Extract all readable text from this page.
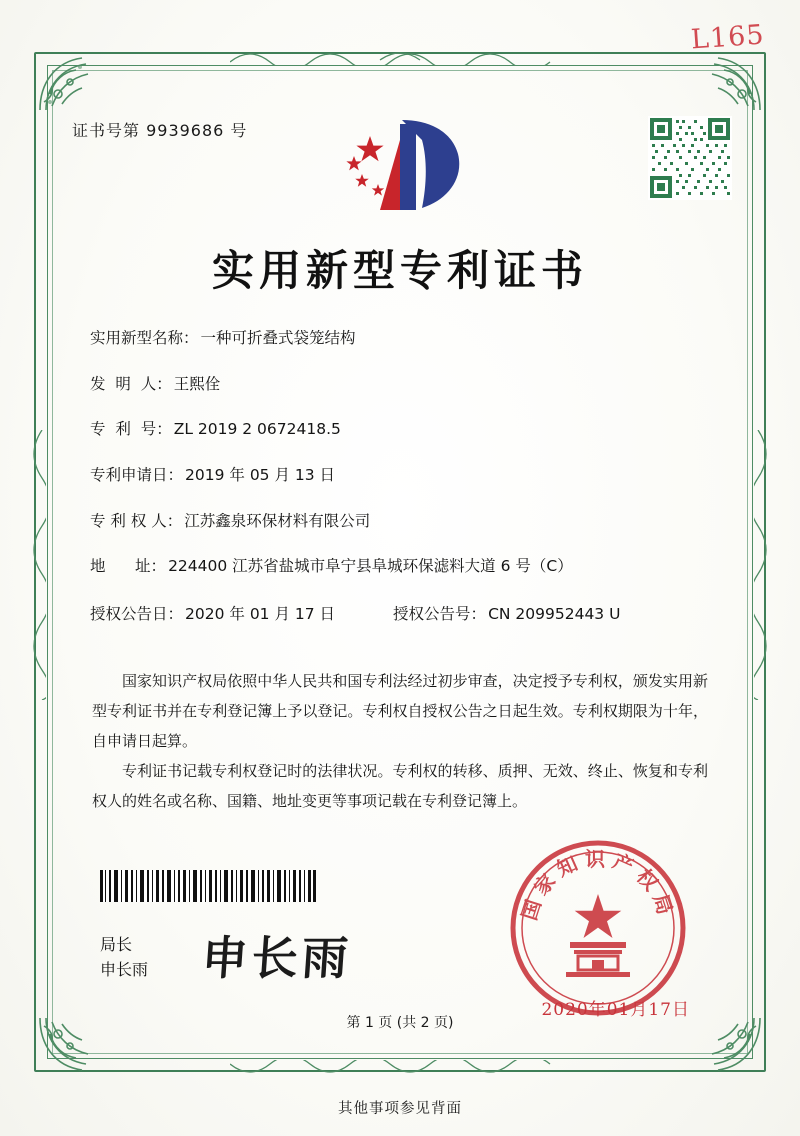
L165
证书号第 9939686 号
实用新型专利证书
实用新型名称： 一种可折叠式袋笼结构
发  明  人： 王熙佺
专  利  号： ZL 2019 2 0672418.5
专利申请日： 2019 年 05 月 13 日
专 利 权 人： 江苏鑫泉环保材料有限公司
地      址： 224400 江苏省盐城市阜宁县阜城环保滤料大道 6 号（C）
授权公告日： 2020 年 01 月 17 日	授权公告号： CN 209952443 U
国家知识产权局依照中华人民共和国专利法经过初步审查，决定授予专利权，颁发实用新型专利证书并在专利登记簿上予以登记。专利权自授权公告之日起生效。专利权期限为十年，自申请日起算。
专利证书记载专利权登记时的法律状况。专利权的转移、质押、无效、终止、恢复和专利权人的姓名或名称、国籍、地址变更等事项记载在专利登记簿上。
国家知识产权局
2020年01月17日
局长
申长雨 申长雨
第 1 页 (共 2 页)
其他事项参见背面
